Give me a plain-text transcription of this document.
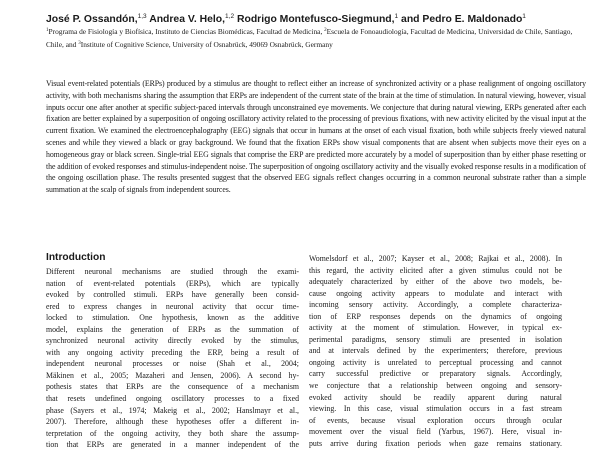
José P. Ossandón,$^{1,3}$ Andrea V. Helo,$^{1,2}$ Rodrigo Montefusco-Siegmund,$^1$ and Pedro E. Maldonado$^1$
$^1$Programa de Fisiología y Biofísica, Instituto de Ciencias Biomédicas, Facultad de Medicina, $^2$Escuela de Fonoaudiología, Facultad de Medicina, Universidad de Chile, Santiago, Chile, and $^3$Institute of Cognitive Science, University of Osnabrück, 49069 Osnabrück, Germany

Visual event-related potentials (ERPs) produced by a stimulus are thought to reflect either an increase of synchronized activity or a phase realignment of ongoing oscillatory activity, with both mechanisms sharing the assumption that ERPs are independent of the current state of the brain at the time of stimulation. In natural viewing, however, visual inputs occur one after another at specific subject-paced intervals through unconstrained eye movements. We conjecture that during natural viewing, ERPs generated after each fixation are better explained by a superposition of ongoing oscillatory activity related to the processing of previous fixations, with new activity elicited by the visual input at the current fixation. We examined the electroencephalography (EEG) signals that occur in humans at the onset of each visual fixation, both while subjects freely viewed natural scenes and while they viewed a black or gray background. We found that the fixation ERPs show visual components that are absent when subjects move their eyes on a homogeneous gray or black screen. Single-trial EEG signals that comprise the ERP are predicted more accurately by a model of superposition than by either phase resetting or the addition of evoked responses and stimulus-independent noise. The superposition of ongoing oscillatory activity and the visually evoked response results in a modification of the ongoing oscillation phase. The results presented suggest that the observed EEG signals reflect changes occurring in a common neuronal substrate rather than a simple summation at the scalp of signals from independent sources.

Introduction
Different neuronal mechanisms are studied through the exami-
nation of event-related potentials (ERPs), which are typically
evoked by controlled stimuli. ERPs have generally been consid-
ered to express changes in neuronal activity that occur time-
locked to stimulation. One hypothesis, known as the additive
model, explains the generation of ERPs as the summation of
synchronized neuronal activity directly evoked by the stimulus,
with any ongoing activity preceding the ERP, being a result of
independent neuronal processes or noise (Shah et al., 2004;
Mäkinen et al., 2005; Mazaheri and Jensen, 2006). A second hy-
pothesis states that ERPs are the consequence of a mechanism
that resets undefined ongoing oscillatory processes to a fixed
phase (Sayers et al., 1974; Makeig et al., 2002; Hanslmayr et al.,
2007). Therefore, although these hypotheses offer a different in-
terpretation of the ongoing activity, they both share the assump-
tion that ERPs are generated in a manner independent of the
Womelsdorf et al., 2007; Kayser et al., 2008; Rajkai et al., 2008). In
this regard, the activity elicited after a given stimulus could not be
adequately characterized by either of the above two models, be-
cause ongoing activity appears to modulate and interact with
incoming sensory activity. Accordingly, a complete characteriza-
tion of ERP responses depends on the dynamics of ongoing
activity at the moment of stimulation. However, in typical ex-
perimental paradigms, sensory stimuli are presented in isolation
and at intervals defined by the experimenters; therefore, previous
ongoing activity is unrelated to perceptual processing and cannot
carry successful predictive or preparatory signals. Accordingly,
we conjecture that a relationship between ongoing and sensory-
evoked activity should be readily apparent during natural
viewing. In this case, visual stimulation occurs in a fast stream
of events, because visual exploration occurs through ocular
movement over the visual field (Yarbus, 1967). Here, visual in-
puts arrive during fixation periods when gaze remains stationary.
